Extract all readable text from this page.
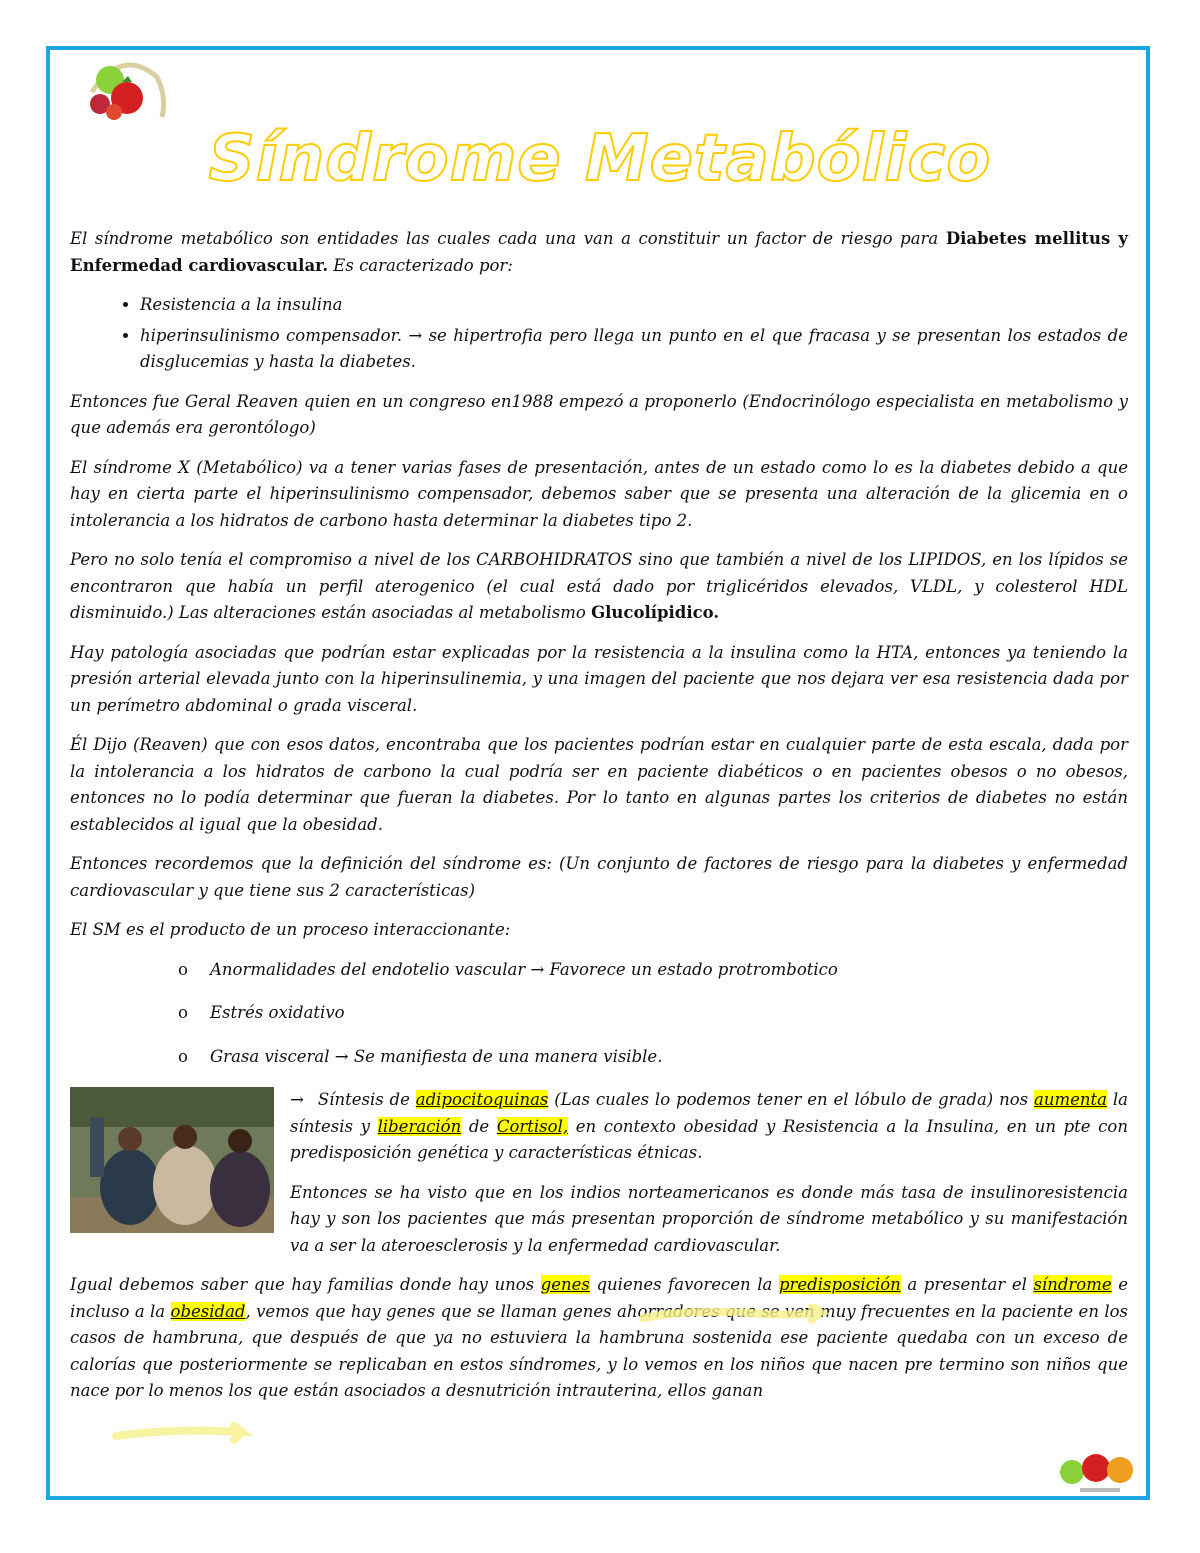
Síndrome Metabólico

El síndrome metabólico son entidades las cuales cada una van a constituir un factor de riesgo para Diabetes mellitus y Enfermedad cardiovascular. Es caracterizado por:

• Resistencia a la insulina
• hiperinsulinismo compensador. → se hipertrofia pero llega un punto en el que fracasa y se presentan los estados de disglucemias y hasta la diabetes.

Entonces fue Geral Reaven quien en un congreso en1988 empezó a proponerlo (Endocrinólogo especialista en metabolismo y que además era gerontólogo)

El síndrome X (Metabólico) va a tener varias fases de presentación, antes de un estado como lo es la diabetes debido a que hay en cierta parte el hiperinsulinismo compensador, debemos saber que se presenta una alteración de la glicemia en o intolerancia a los hidratos de carbono hasta determinar la diabetes tipo 2.

Pero no solo tenía el compromiso a nivel de los CARBOHIDRATOS sino que también a nivel de los LIPIDOS, en los lípidos se encontraron que había un perfil aterogenico (el cual está dado por triglicéridos elevados, VLDL, y colesterol HDL disminuido.) Las alteraciones están asociadas al metabolismo Glucolípidico.

Hay patología asociadas que podrían estar explicadas por la resistencia a la insulina como la HTA, entonces ya teniendo la presión arterial elevada junto con la hiperinsulinemia, y una imagen del paciente que nos dejara ver esa resistencia dada por un perímetro abdominal o grada visceral.

Él Dijo (Reaven) que con esos datos, encontraba que los pacientes podrían estar en cualquier parte de esta escala, dada por la intolerancia a los hidratos de carbono la cual podría ser en paciente diabéticos o en pacientes obesos o no obesos, entonces no lo podía determinar que fueran la diabetes. Por lo tanto en algunas partes los criterios de diabetes no están establecidos al igual que la obesidad.

Entonces recordemos que la definición del síndrome es: (Un conjunto de factores de riesgo para la diabetes y enfermedad cardiovascular y que tiene sus 2 características)

El SM es el producto de un proceso interaccionante:

o Anormalidades del endotelio vascular → Favorece un estado protrombotico
o Estrés oxidativo
o Grasa visceral → Se manifiesta de una manera visible.

→ Síntesis de adipocitoquinas (Las cuales lo podemos tener en el lóbulo de grada) nos aumenta la síntesis y liberación de Cortisol, en contexto obesidad y Resistencia a la Insulina, en un pte con predisposición genética y características étnicas.

Entonces se ha visto que en los indios norteamericanos es donde más tasa de insulinoresistencia hay y son los pacientes que más presentan proporción de síndrome metabólico y su manifestación va a ser la ateroesclerosis y la enfermedad cardiovascular.

Igual debemos saber que hay familias donde hay unos genes quienes favorecen la predisposición a presentar el síndrome e incluso a la obesidad, vemos que hay genes que se llaman genes ahorradores que se ven muy frecuentes en la paciente en los casos de hambruna, que después de que ya no estuviera la hambruna sostenida ese paciente quedaba con un exceso de calorías que posteriormente se replicaban en estos síndromes, y lo vemos en los niños que nacen pre termino son niños que nace por lo menos los que están asociados a desnutrición intrauterina, ellos ganan
